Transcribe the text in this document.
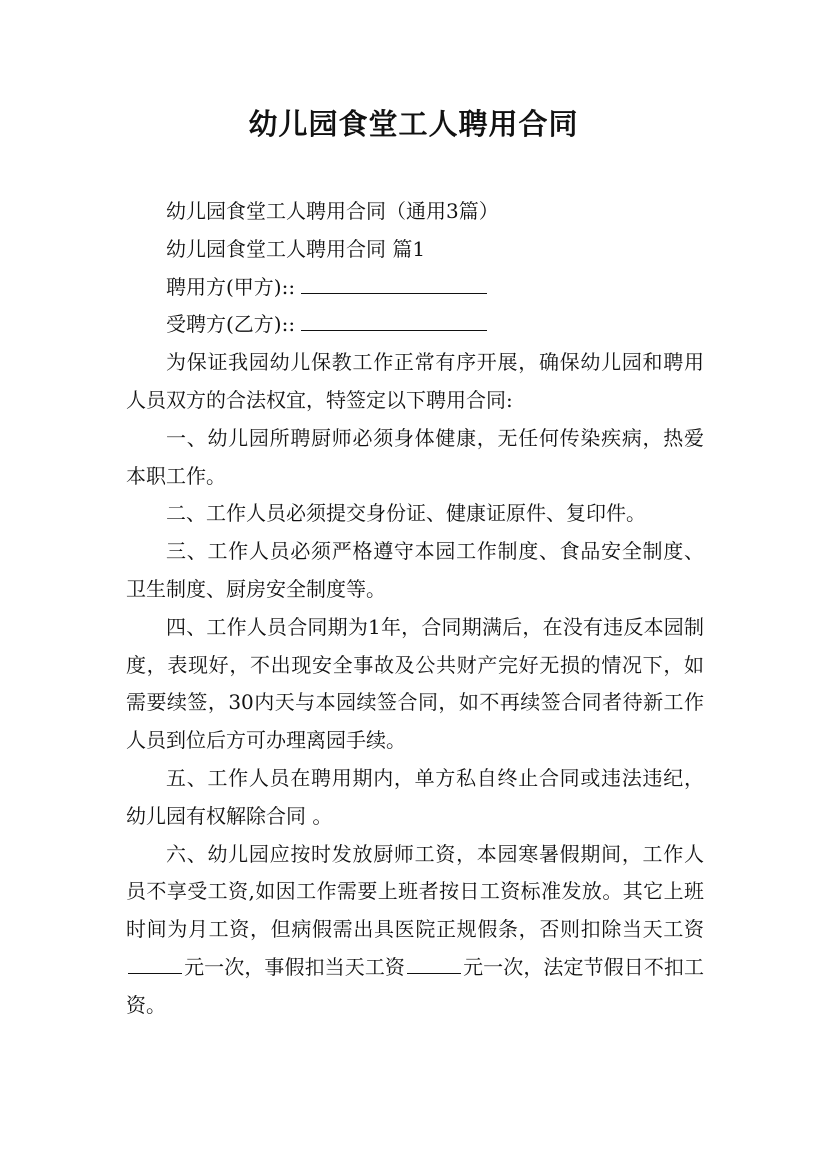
幼儿园食堂工人聘用合同

幼儿园食堂工人聘用合同（通用3篇）

幼儿园食堂工人聘用合同 篇1

聘用方(甲方)::

受聘方(乙方)::

为保证我园幼儿保教工作正常有序开展，确保幼儿园和聘用人员双方的合法权宜，特签定以下聘用合同:

一、幼儿园所聘厨师必须身体健康，无任何传染疾病，热爱本职工作。

二、工作人员必须提交身份证、健康证原件、复印件。

三、工作人员必须严格遵守本园工作制度、食品安全制度、卫生制度、厨房安全制度等。

四、工作人员合同期为1年，合同期满后，在没有违反本园制度，表现好，不出现安全事故及公共财产完好无损的情况下，如需要续签，30内天与本园续签合同，如不再续签合同者待新工作人员到位后方可办理离园手续。

五、工作人员在聘用期内，单方私自终止合同或违法违纪，幼儿园有权解除合同 。

六、幼儿园应按时发放厨师工资，本园寒暑假期间，工作人员不享受工资,如因工作需要上班者按日工资标准发放。其它上班时间为月工资，但病假需出具医院正规假条，否则扣除当天工资元一次，事假扣当天工资	元一次，法定节假日不扣工资。
